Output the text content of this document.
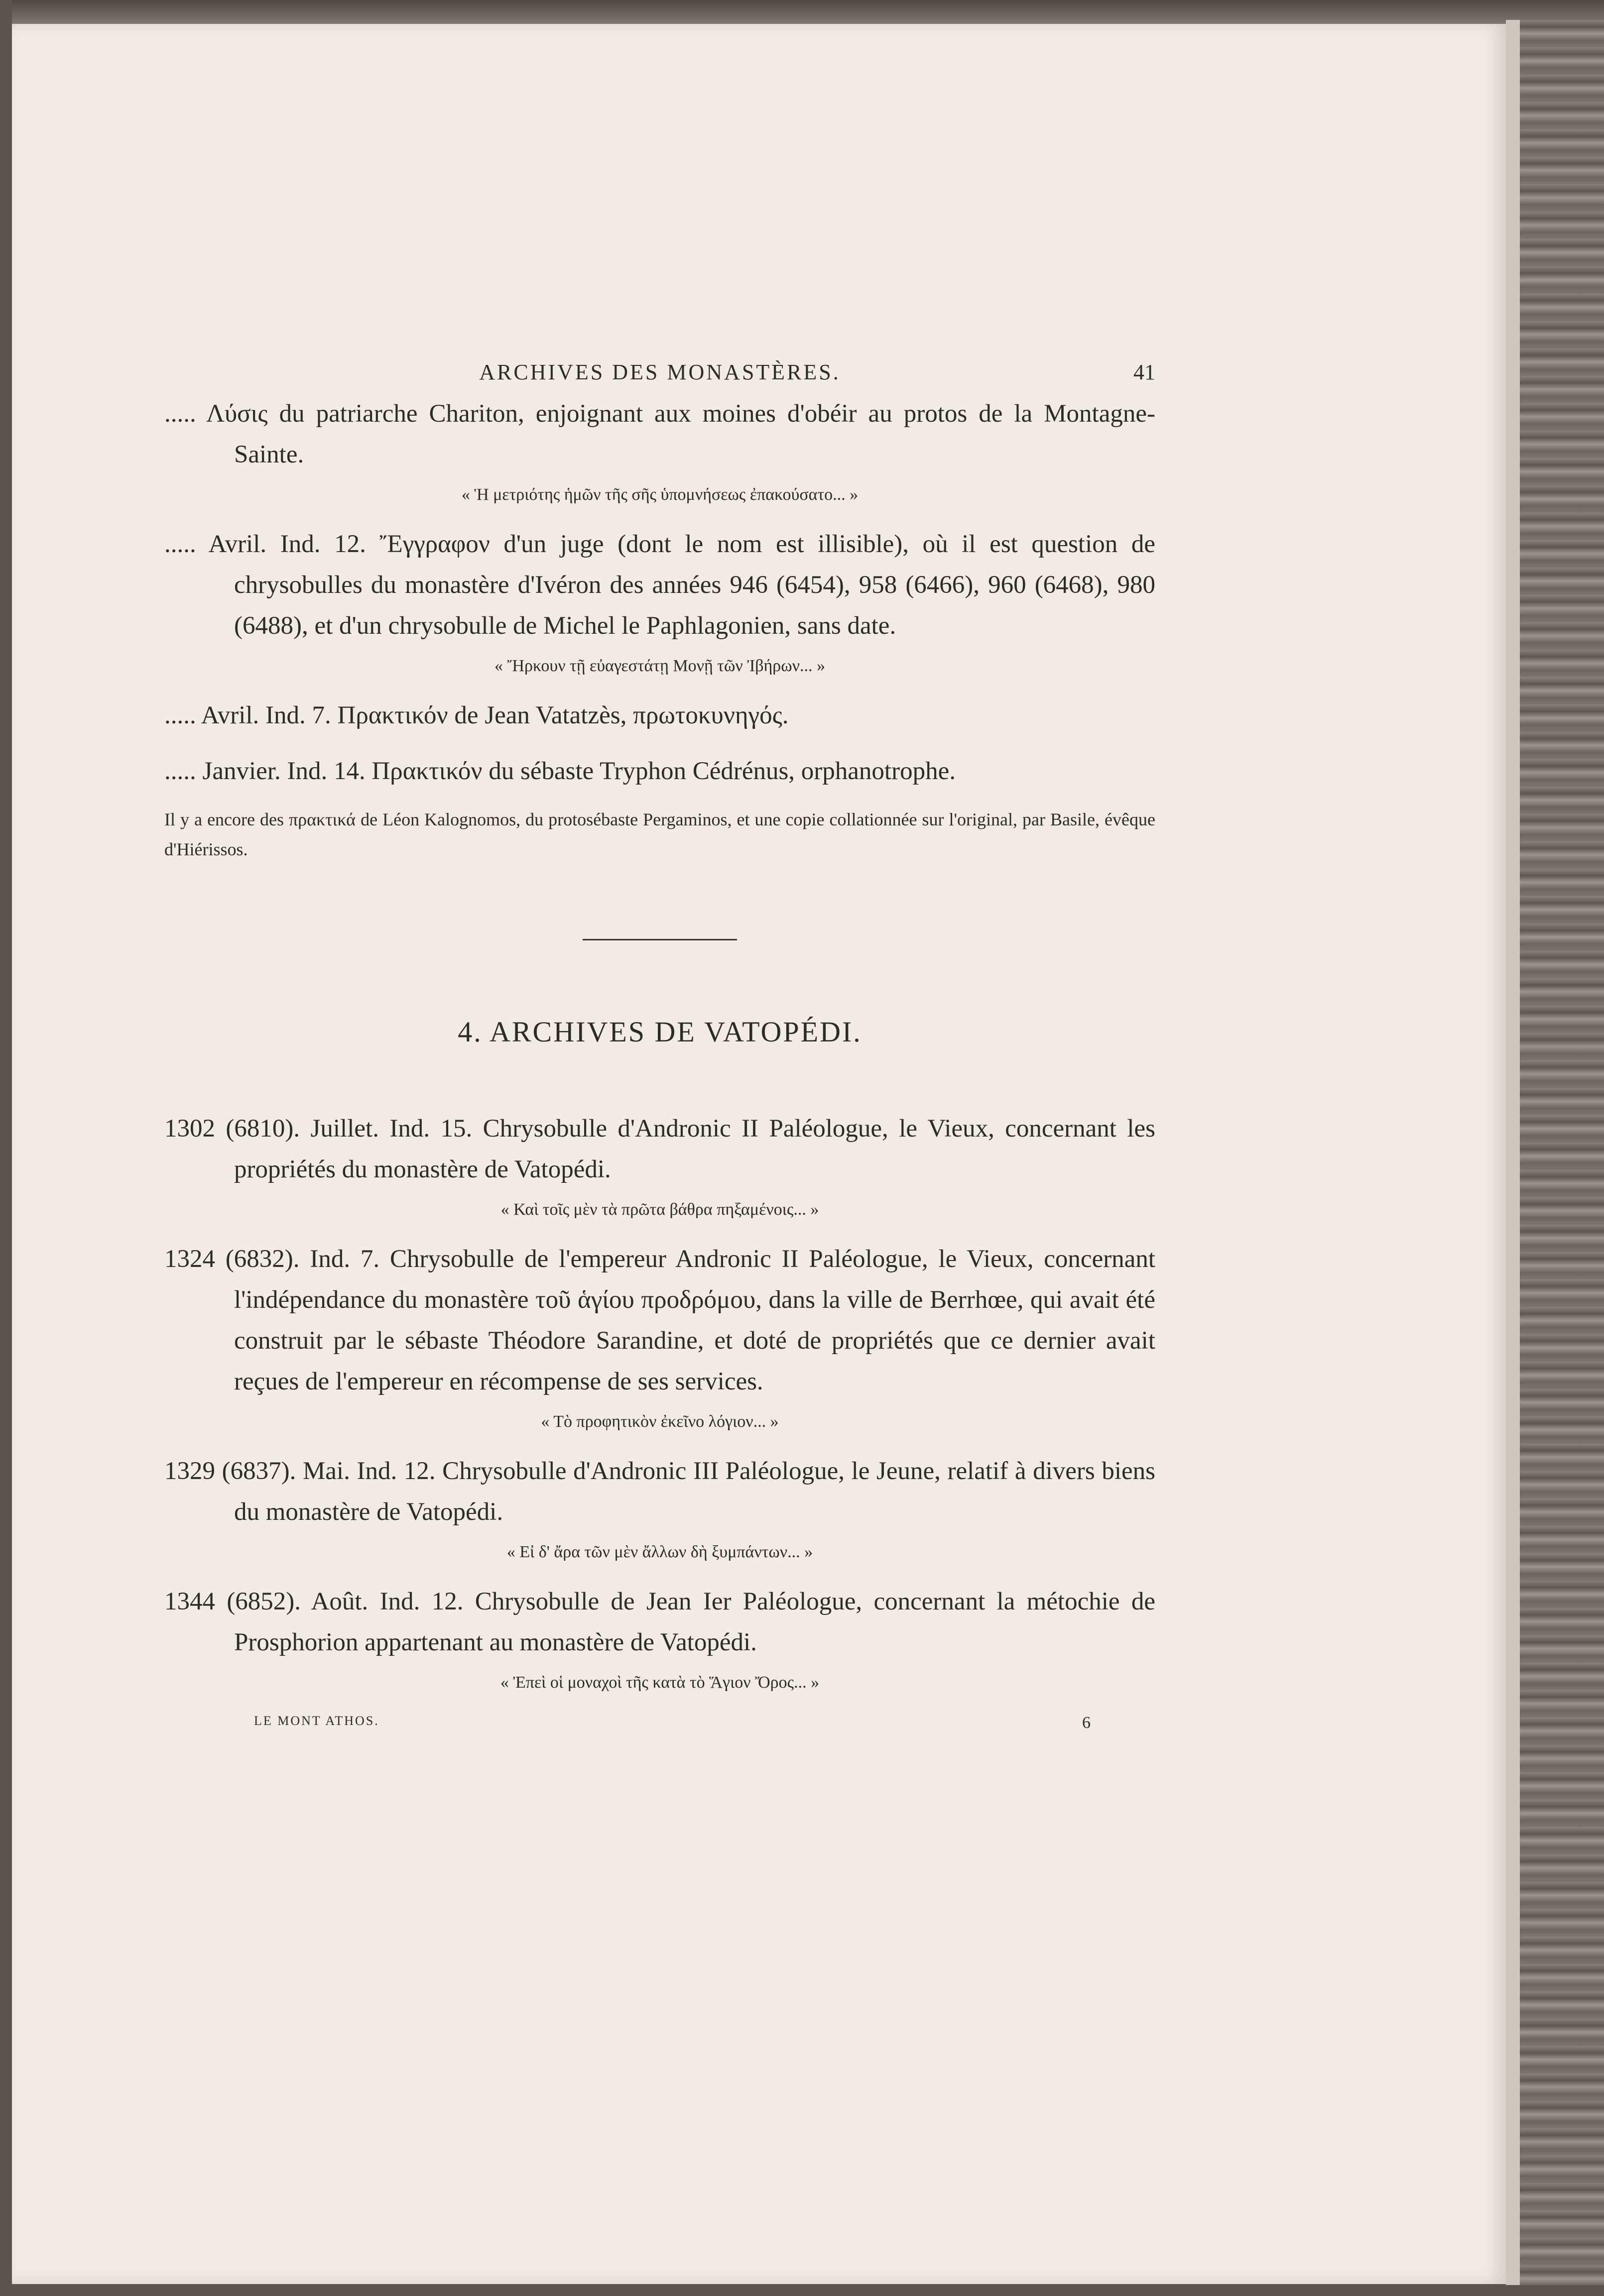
ARCHIVES DES MONASTÈRES.	41

..... Λύσις du patriarche Chariton, enjoignant aux moines d'obéir au protos de la Montagne-Sainte.

« Ἡ μετριότης ἡμῶν τῆς σῆς ὑπομνήσεως ἐπακούσατο... »

..... Avril. Ind. 12. Ἔγγραφον d'un juge (dont le nom est illisible), où il est question de chrysobulles du monastère d'Ivéron des années 946 (6454), 958 (6466), 960 (6468), 980 (6488), et d'un chrysobulle de Michel le Paphlagonien, sans date.

« Ἤρκουν τῇ εὐαγεστάτῃ Μονῇ τῶν Ἰβήρων... »

..... Avril. Ind. 7. Πρακτικόν de Jean Vatatzès, πρωτοκυνηγός.

..... Janvier. Ind. 14. Πρακτικόν du sébaste Tryphon Cédrénus, orphanotrophe.

Il y a encore des πρακτικά de Léon Kalognomos, du protosébaste Pergaminos, et une copie collationnée sur l'original, par Basile, évêque d'Hiérissos.

4. ARCHIVES DE VATOPÉDI.

1302 (6810). Juillet. Ind. 15. Chrysobulle d'Andronic II Paléologue, le Vieux, concernant les propriétés du monastère de Vatopédi.

« Καὶ τοῖς μὲν τὰ πρῶτα βάθρα πηξαμένοις... »

1324 (6832). Ind. 7. Chrysobulle de l'empereur Andronic II Paléologue, le Vieux, concernant l'indépendance du monastère τοῦ ἁγίου προδρόμου, dans la ville de Berrhœe, qui avait été construit par le sébaste Théodore Sarandine, et doté de propriétés que ce dernier avait reçues de l'empereur en récompense de ses services.

« Τὸ προφητικὸν ἐκεῖνο λόγιον... »

1329 (6837). Mai. Ind. 12. Chrysobulle d'Andronic III Paléologue, le Jeune, relatif à divers biens du monastère de Vatopédi.

« Εἰ δ' ἄρα τῶν μὲν ἄλλων δὴ ξυμπάντων... »

1344 (6852). Août. Ind. 12. Chrysobulle de Jean Ier Paléologue, concernant la métochie de Prosphorion appartenant au monastère de Vatopédi.

« Ἐπεὶ οἱ μοναχοὶ τῆς κατὰ τὸ Ἅγιον Ὄρος... »
LE MONT ATHOS.	6
